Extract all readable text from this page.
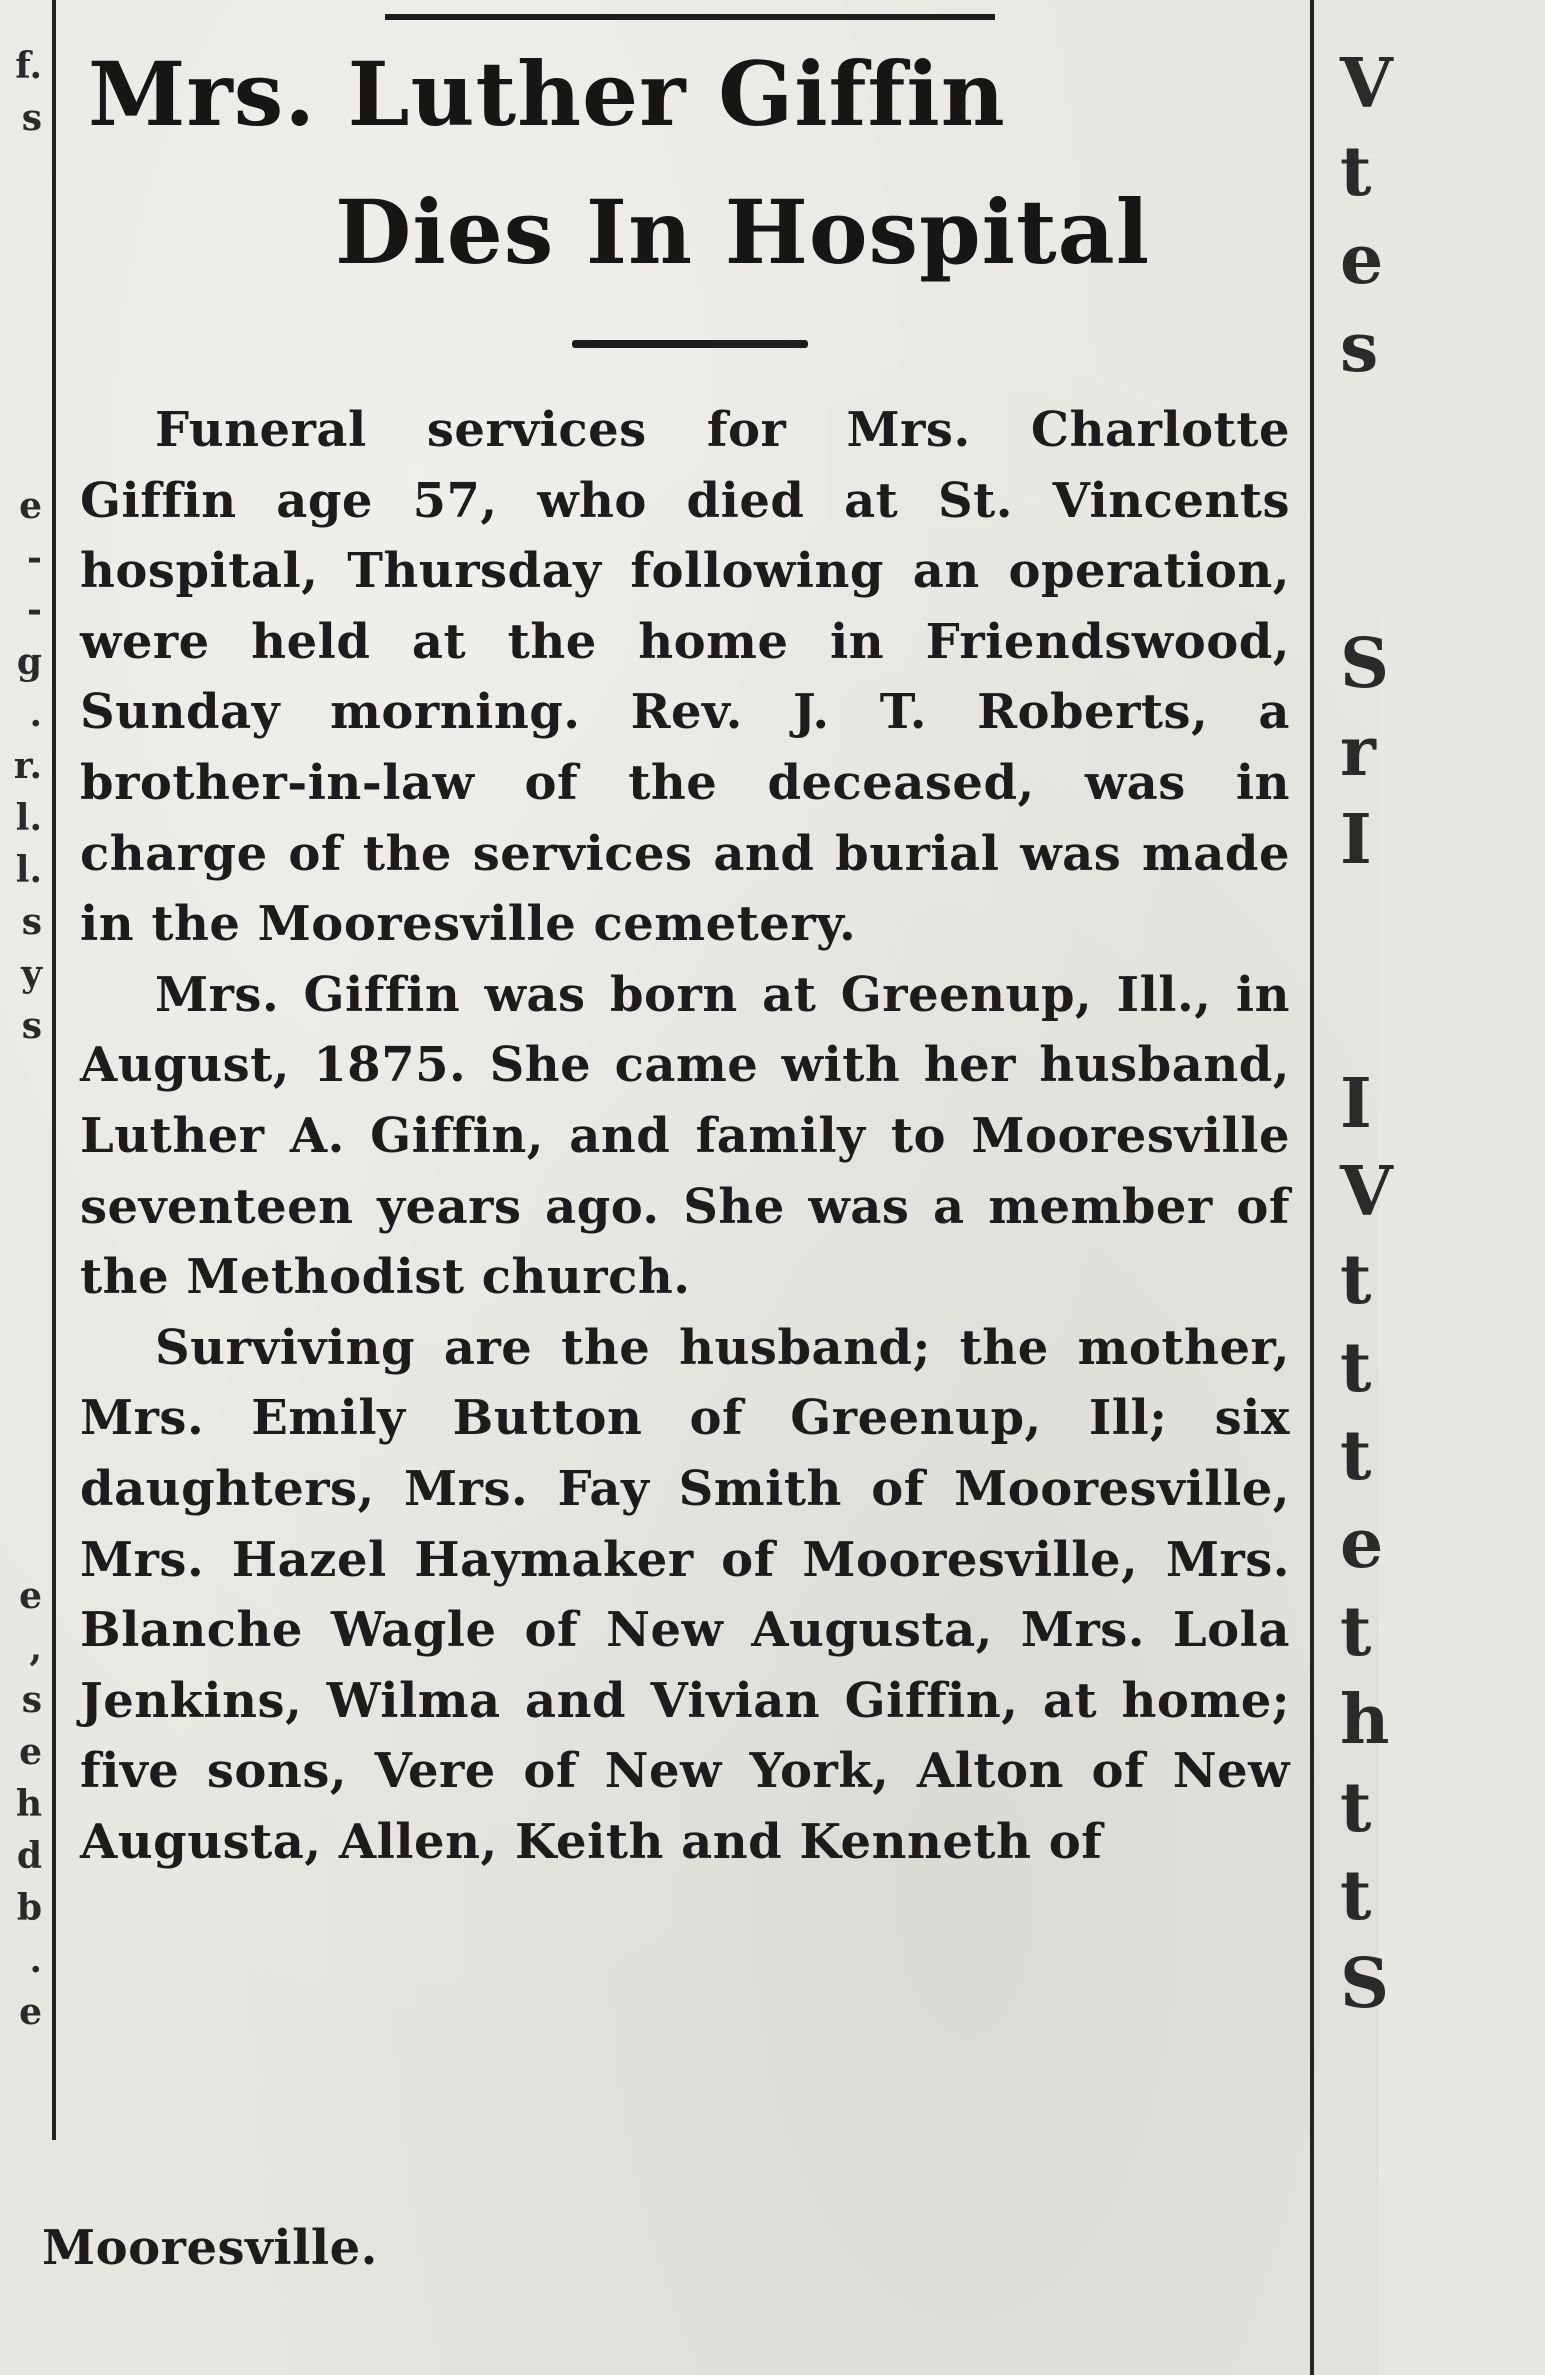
f.
s
e
-
-
g
.
r.
l.
l.
s
y
s
e
,
s
e
h
d
b
.
e
V
t
e
s
S
r
I
I
V
t
t
t
e
t
h
t
t
S
Mrs. Luther Giffin
Dies In Hospital

Funeral services for Mrs. Charlotte Giffin age 57, who died at St. Vincents hospital, Thursday following an operation, were held at the home in Friendswood, Sunday morning. Rev. J. T. Roberts, a brother-in-law of the deceased, was in charge of the services and burial was made in the Mooresville cemetery.

Mrs. Giffin was born at Greenup, Ill., in August, 1875. She came with her husband, Luther A. Giffin, and family to Mooresville seventeen years ago. She was a member of the Methodist church.

Surviving are the husband; the mother, Mrs. Emily Button of Greenup, Ill; six daughters, Mrs. Fay Smith of Mooresville, Mrs. Hazel Haymaker of Mooresville, Mrs. Blanche Wagle of New Augusta, Mrs. Lola Jenkins, Wilma and Vivian Giffin, at home; five sons, Vere of New York, Alton of New Augusta, Allen, Keith and Kenneth of

Mooresville.
